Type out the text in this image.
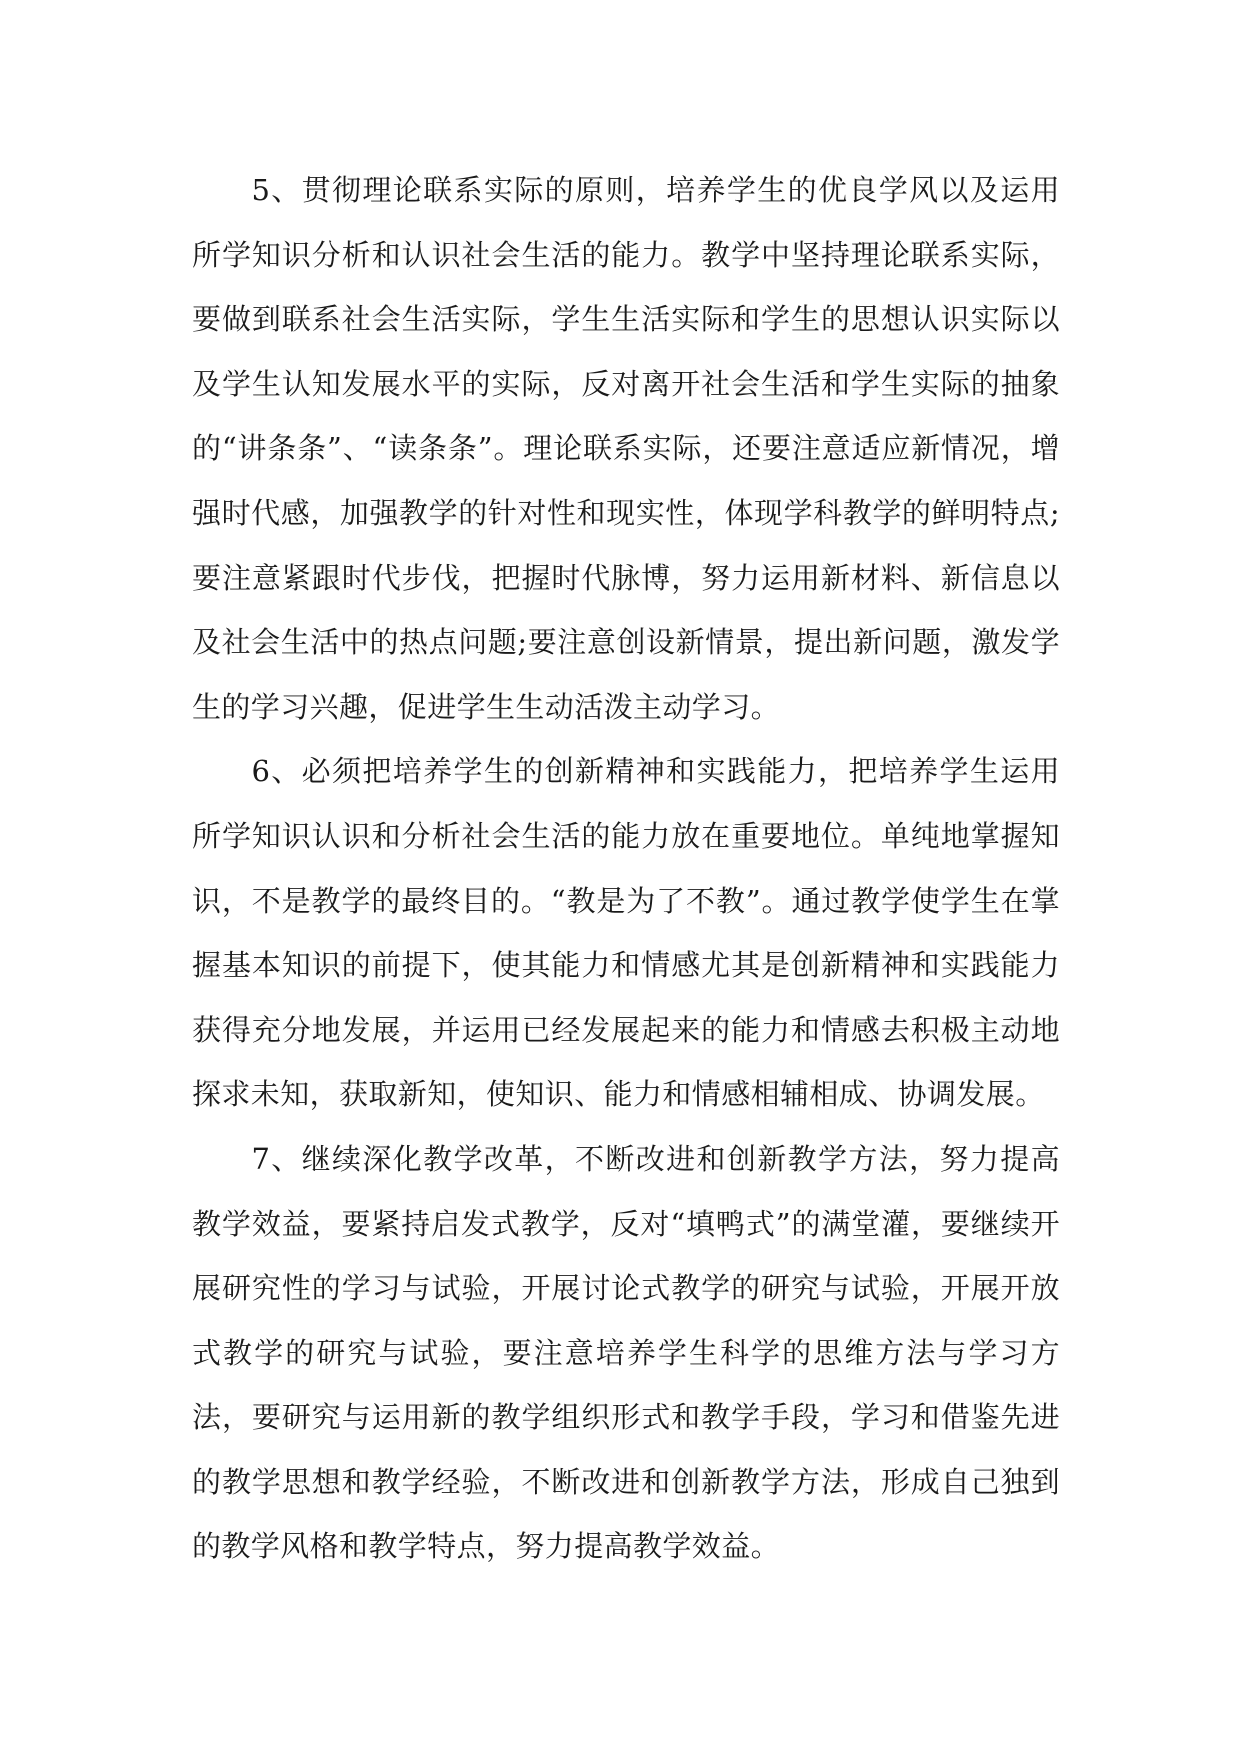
5、贯彻理论联系实际的原则，培养学生的优良学风以及运用所学知识分析和认识社会生活的能力。教学中坚持理论联系实际，要做到联系社会生活实际，学生生活实际和学生的思想认识实际以及学生认知发展水平的实际，反对离开社会生活和学生实际的抽象的“讲条条”、“读条条”。理论联系实际，还要注意适应新情况，增强时代感，加强教学的针对性和现实性，体现学科教学的鲜明特点;要注意紧跟时代步伐，把握时代脉博，努力运用新材料、新信息以及社会生活中的热点问题;要注意创设新情景，提出新问题，激发学生的学习兴趣，促进学生生动活泼主动学习。

6、必须把培养学生的创新精神和实践能力，把培养学生运用所学知识认识和分析社会生活的能力放在重要地位。单纯地掌握知识，不是教学的最终目的。“教是为了不教”。通过教学使学生在掌握基本知识的前提下，使其能力和情感尤其是创新精神和实践能力获得充分地发展，并运用已经发展起来的能力和情感去积极主动地探求未知，获取新知，使知识、能力和情感相辅相成、协调发展。

7、继续深化教学改革，不断改进和创新教学方法，努力提高教学效益，要紧持启发式教学，反对“填鸭式”的满堂灌，要继续开展研究性的学习与试验，开展讨论式教学的研究与试验，开展开放式教学的研究与试验，要注意培养学生科学的思维方法与学习方法，要研究与运用新的教学组织形式和教学手段，学习和借鉴先进的教学思想和教学经验，不断改进和创新教学方法，形成自己独到的教学风格和教学特点，努力提高教学效益。
